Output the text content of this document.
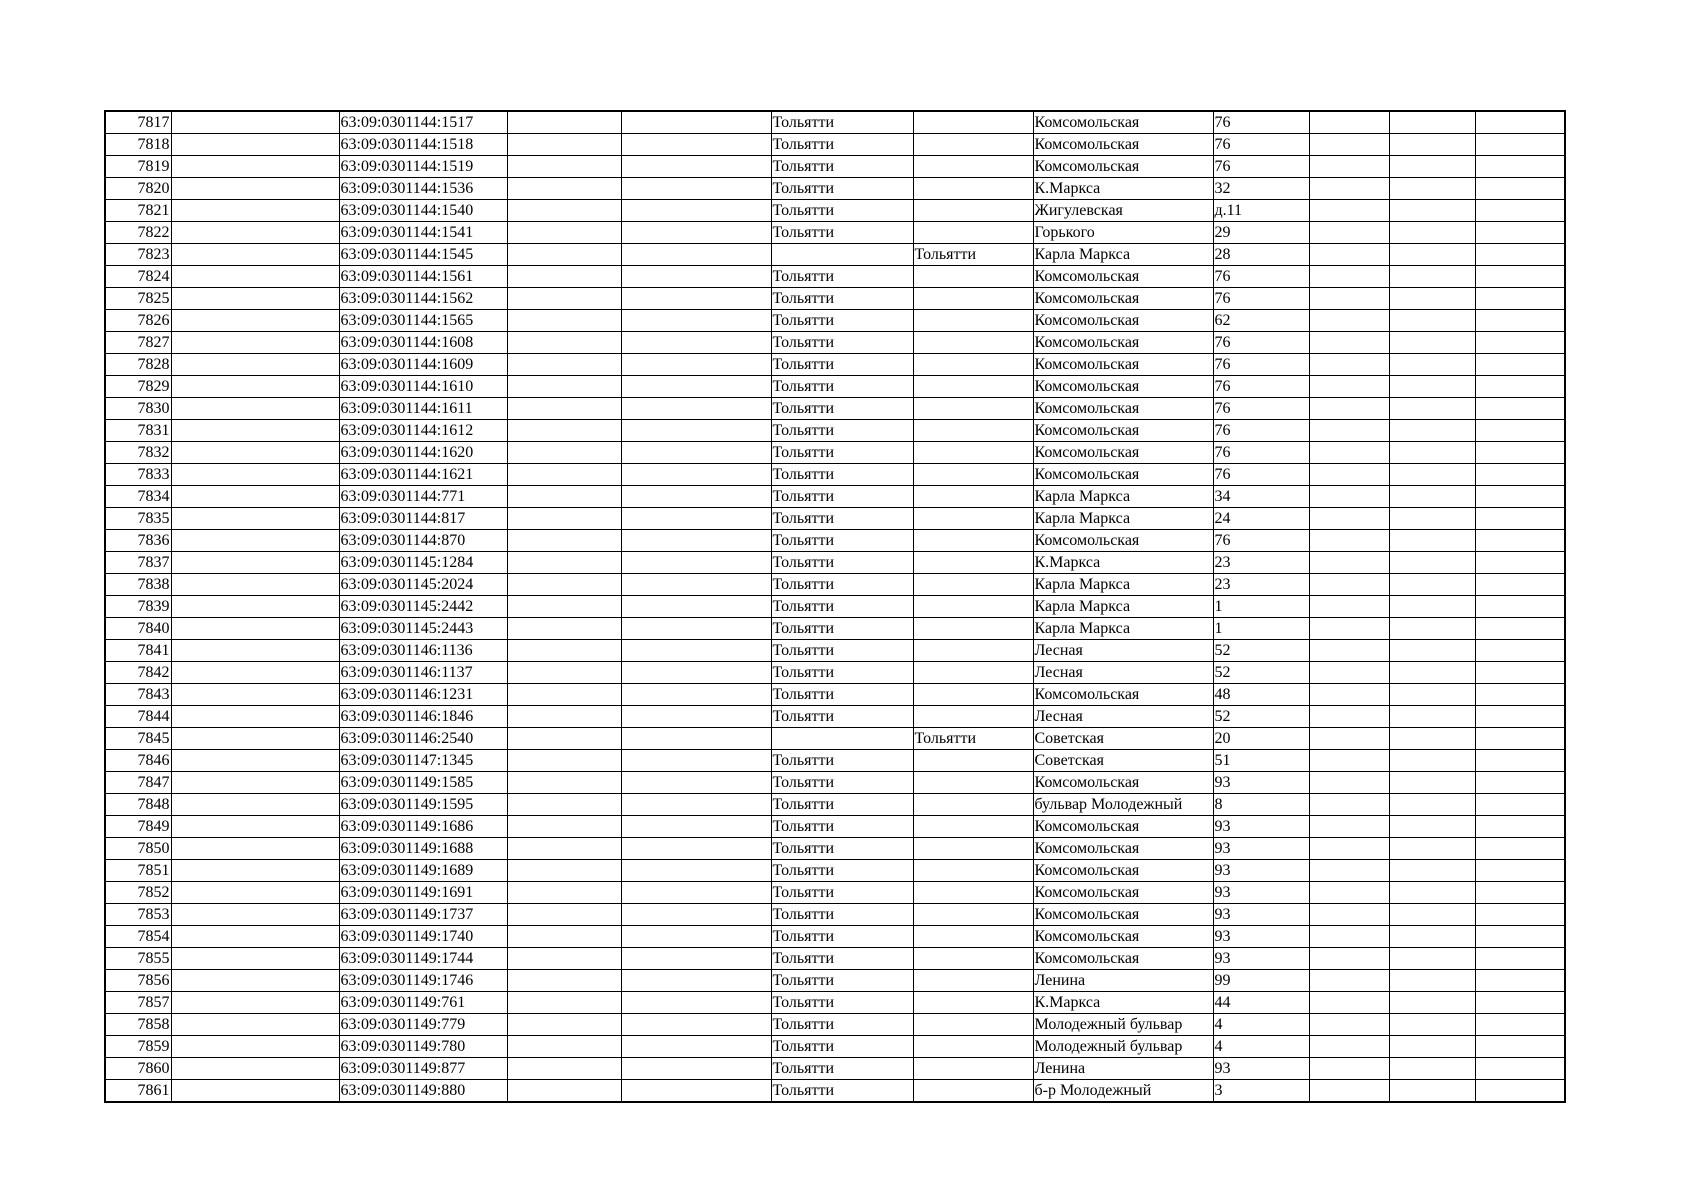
7817		63:09:0301144:1517			Тольятти		Комсомольская	76			
7818		63:09:0301144:1518			Тольятти		Комсомольская	76			
7819		63:09:0301144:1519			Тольятти		Комсомольская	76			
7820		63:09:0301144:1536			Тольятти		К.Маркса	32			
7821		63:09:0301144:1540			Тольятти		Жигулевская	д.11			
7822		63:09:0301144:1541			Тольятти		Горького	29			
7823		63:09:0301144:1545				Тольятти	Карла Маркса	28			
7824		63:09:0301144:1561			Тольятти		Комсомольская	76			
7825		63:09:0301144:1562			Тольятти		Комсомольская	76			
7826		63:09:0301144:1565			Тольятти		Комсомольская	62			
7827		63:09:0301144:1608			Тольятти		Комсомольская	76			
7828		63:09:0301144:1609			Тольятти		Комсомольская	76			
7829		63:09:0301144:1610			Тольятти		Комсомольская	76			
7830		63:09:0301144:1611			Тольятти		Комсомольская	76			
7831		63:09:0301144:1612			Тольятти		Комсомольская	76			
7832		63:09:0301144:1620			Тольятти		Комсомольская	76			
7833		63:09:0301144:1621			Тольятти		Комсомольская	76			
7834		63:09:0301144:771			Тольятти		Карла Маркса	34			
7835		63:09:0301144:817			Тольятти		Карла Маркса	24			
7836		63:09:0301144:870			Тольятти		Комсомольская	76			
7837		63:09:0301145:1284			Тольятти		К.Маркса	23			
7838		63:09:0301145:2024			Тольятти		Карла Маркса	23			
7839		63:09:0301145:2442			Тольятти		Карла Маркса	1			
7840		63:09:0301145:2443			Тольятти		Карла Маркса	1			
7841		63:09:0301146:1136			Тольятти		Лесная	52			
7842		63:09:0301146:1137			Тольятти		Лесная	52			
7843		63:09:0301146:1231			Тольятти		Комсомольская	48			
7844		63:09:0301146:1846			Тольятти		Лесная	52			
7845		63:09:0301146:2540				Тольятти	Советская	20			
7846		63:09:0301147:1345			Тольятти		Советская	51			
7847		63:09:0301149:1585			Тольятти		Комсомольская	93			
7848		63:09:0301149:1595			Тольятти		бульвар Молодежный	8			
7849		63:09:0301149:1686			Тольятти		Комсомольская	93			
7850		63:09:0301149:1688			Тольятти		Комсомольская	93			
7851		63:09:0301149:1689			Тольятти		Комсомольская	93			
7852		63:09:0301149:1691			Тольятти		Комсомольская	93			
7853		63:09:0301149:1737			Тольятти		Комсомольская	93			
7854		63:09:0301149:1740			Тольятти		Комсомольская	93			
7855		63:09:0301149:1744			Тольятти		Комсомольская	93			
7856		63:09:0301149:1746			Тольятти		Ленина	99			
7857		63:09:0301149:761			Тольятти		К.Маркса	44			
7858		63:09:0301149:779			Тольятти		Молодежный бульвар	4			
7859		63:09:0301149:780			Тольятти		Молодежный бульвар	4			
7860		63:09:0301149:877			Тольятти		Ленина	93			
7861		63:09:0301149:880			Тольятти		б-р Молодежный	3			
